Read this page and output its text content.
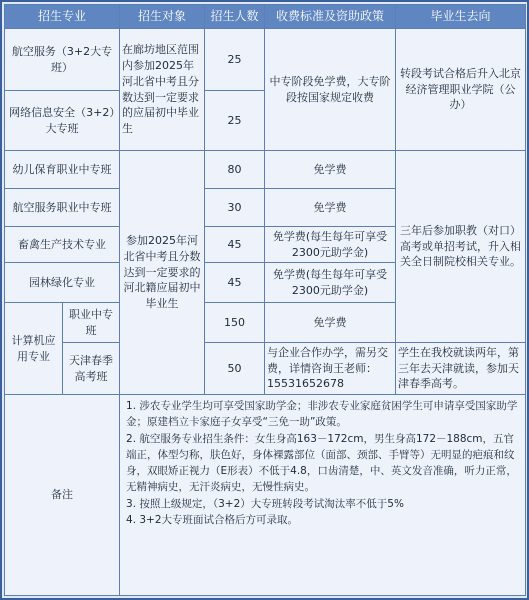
招生专业		招生对象	招生人数	收费标准及资助政策	毕业生去向
航空服务（3+2大专班）		在廊坊地区范围内参加2025年河北省中考且分数达到一定要求的应届初中毕业生	25	中专阶段免学费，大专阶段按国家规定收费	转段考试合格后升入北京经济管理职业学院（公办）
网络信息安全（3+2）大专班			25		
幼儿保育职业中专班		参加2025年河北省中考且分数达到一定要求的河北籍应届初中毕业生	80	免学费	三年后参加职教（对口）高考或单招考试，升入相关全日制院校相关专业。
航空服务职业中专班			30	免学费	
畜禽生产技术专业			45	免学费(每生每年可享受2300元助学金)	
园林绿化专业			45	免学费(每生每年可享受2300元助学金)	
计算机应用专业	职业中专班		150	免学费	
	天津春季高考班		50	与企业合作办学，需另交费，详情咨询王老师：15531652678	学生在我校就读两年，第三年去天津就读，参加天津春季高考。
备注		1. 涉农专业学生均可享受国家助学金；非涉农专业家庭贫困学生可申请享受国家助学金；原建档立卡家庭子女享受“三免一助”政策。
2. 航空服务专业招生条件：女生身高163－172cm，男生身高172－188cm，五官端正，体型匀称，肤色好，身体裸露部位（面部、颈部、手臂等）无明显的疤痕和纹身，双眼矫正视力（E形表）不低于4.8，口齿清楚，中、英文发音准确，听力正常，无精神病史，无汗炎病史，无慢性病史。
3. 按照上级规定，（3+2）大专班转段考试淘汰率不低于5%
4. 3+2大专班面试合格后方可录取。			
